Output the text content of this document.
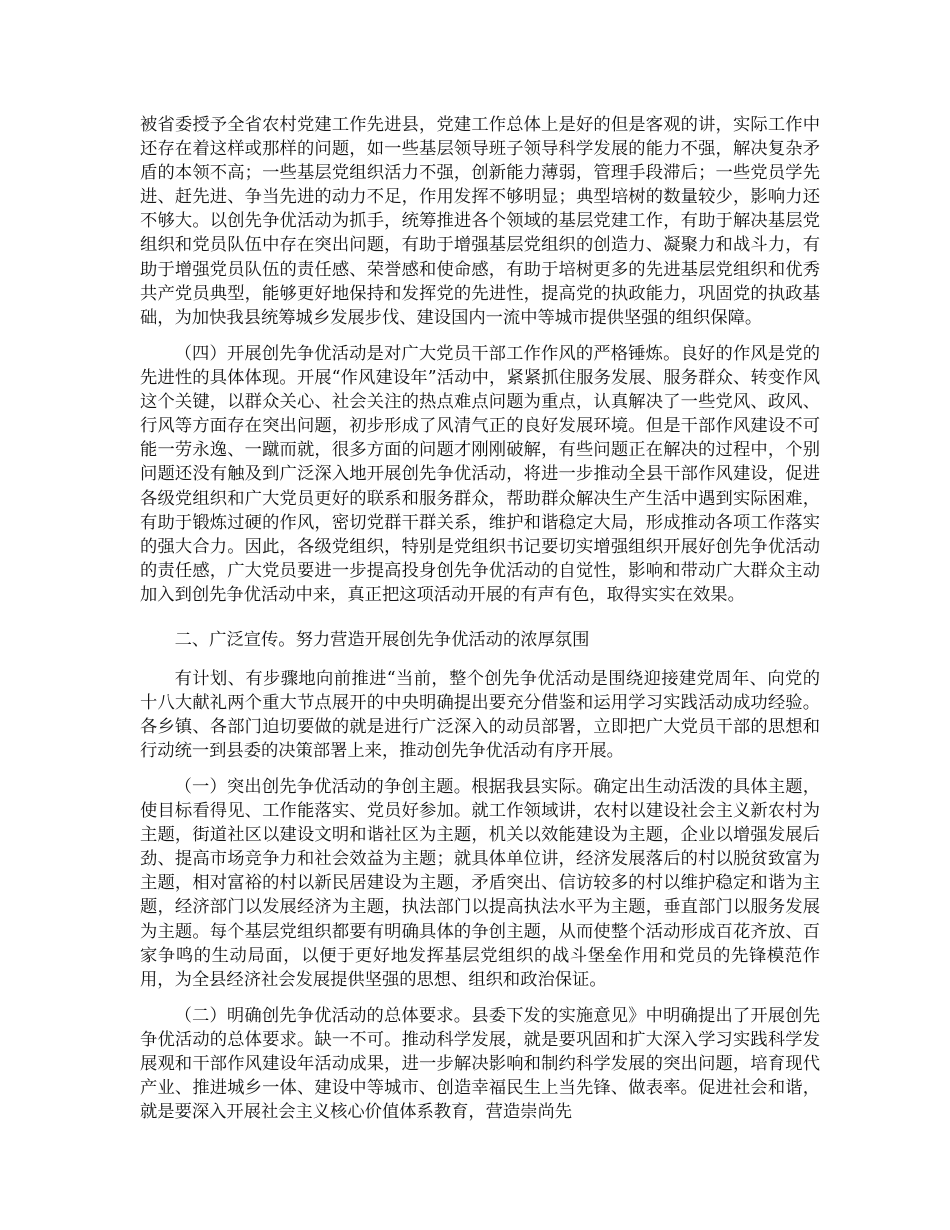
被省委授予全省农村党建工作先进县，党建工作总体上是好的但是客观的讲，实际工作中还存在着这样或那样的问题，如一些基层领导班子领导科学发展的能力不强，解决复杂矛盾的本领不高；一些基层党组织活力不强，创新能力薄弱，管理手段滞后；一些党员学先进、赶先进、争当先进的动力不足，作用发挥不够明显；典型培树的数量较少，影响力还不够大。以创先争优活动为抓手，统筹推进各个领域的基层党建工作，有助于解决基层党组织和党员队伍中存在突出问题，有助于增强基层党组织的创造力、凝聚力和战斗力，有助于增强党员队伍的责任感、荣誉感和使命感，有助于培树更多的先进基层党组织和优秀共产党员典型，能够更好地保持和发挥党的先进性，提高党的执政能力，巩固党的执政基础，为加快我县统筹城乡发展步伐、建设国内一流中等城市提供坚强的组织保障。

（四）开展创先争优活动是对广大党员干部工作作风的严格锤炼。良好的作风是党的先进性的具体体现。开展“作风建设年”活动中，紧紧抓住服务发展、服务群众、转变作风这个关键，以群众关心、社会关注的热点难点问题为重点，认真解决了一些党风、政风、行风等方面存在突出问题，初步形成了风清气正的良好发展环境。但是干部作风建设不可能一劳永逸、一蹴而就，很多方面的问题才刚刚破解，有些问题正在解决的过程中，个别问题还没有触及到广泛深入地开展创先争优活动，将进一步推动全县干部作风建设，促进各级党组织和广大党员更好的联系和服务群众，帮助群众解决生产生活中遇到实际困难，有助于锻炼过硬的作风，密切党群干群关系，维护和谐稳定大局，形成推动各项工作落实的强大合力。因此，各级党组织，特别是党组织书记要切实增强组织开展好创先争优活动的责任感，广大党员要进一步提高投身创先争优活动的自觉性，影响和带动广大群众主动加入到创先争优活动中来，真正把这项活动开展的有声有色，取得实实在效果。

二、广泛宣传。努力营造开展创先争优活动的浓厚氛围

有计划、有步骤地向前推进“当前，整个创先争优活动是围绕迎接建党周年、向党的十八大献礼两个重大节点展开的中央明确提出要充分借鉴和运用学习实践活动成功经验。各乡镇、各部门迫切要做的就是进行广泛深入的动员部署，立即把广大党员干部的思想和行动统一到县委的决策部署上来，推动创先争优活动有序开展。

（一）突出创先争优活动的争创主题。根据我县实际。确定出生动活泼的具体主题，使目标看得见、工作能落实、党员好参加。就工作领域讲，农村以建设社会主义新农村为主题，街道社区以建设文明和谐社区为主题，机关以效能建设为主题，企业以增强发展后劲、提高市场竞争力和社会效益为主题；就具体单位讲，经济发展落后的村以脱贫致富为主题，相对富裕的村以新民居建设为主题，矛盾突出、信访较多的村以维护稳定和谐为主题，经济部门以发展经济为主题，执法部门以提高执法水平为主题，垂直部门以服务发展为主题。每个基层党组织都要有明确具体的争创主题，从而使整个活动形成百花齐放、百家争鸣的生动局面，以便于更好地发挥基层党组织的战斗堡垒作用和党员的先锋模范作用，为全县经济社会发展提供坚强的思想、组织和政治保证。

（二）明确创先争优活动的总体要求。县委下发的实施意见》中明确提出了开展创先争优活动的总体要求。缺一不可。推动科学发展，就是要巩固和扩大深入学习实践科学发展观和干部作风建设年活动成果，进一步解决影响和制约科学发展的突出问题，培育现代产业、推进城乡一体、建设中等城市、创造幸福民生上当先锋、做表率。促进社会和谐，就是要深入开展社会主义核心价值体系教育，营造崇尚先
